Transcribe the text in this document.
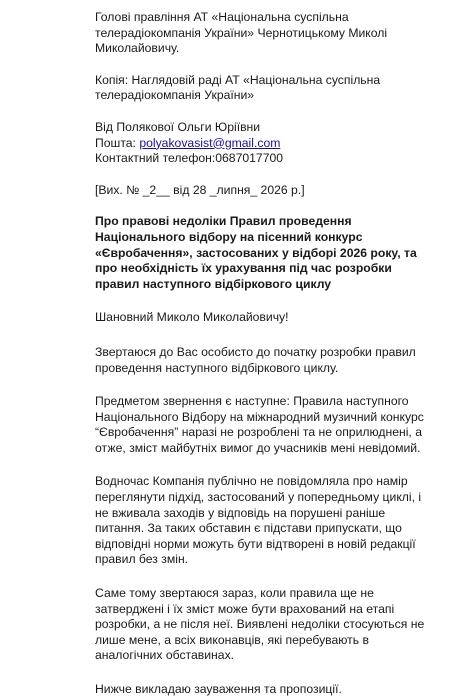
Голові правління АТ «Національна суспільна
телерадіокомпанія України» Чернотицькому Миколі
Миколайовичу.
Копія: Наглядовій раді АТ «Національна суспільна
телерадіокомпанія України»
Від Полякової Ольги Юріївни
Пошта: polyakovasist@gmail.com
Контактний телефон:0687017700
[Вих. № _2__ від 28 _липня_ 2026 р.]
Про правові недоліки Правил проведення
Національного відбору на пісенний конкурс
«Євробачення», застосованих у відборі 2026 року, та
про необхідність їх урахування під час розробки
правил наступного відбіркового циклу
Шановний Миколо Миколайовичу!
Звертаюся до Вас особисто до початку розробки правил
проведення наступного відбіркового циклу.
Предметом звернення є наступне: Правила наступного
Національного Відбору на міжнародний музичний конкурс
“Євробачення” наразі не розроблені та не оприлюднені, а
отже, зміст майбутніх вимог до учасників мені невідомий.
Водночас Компанія публічно не повідомляла про намір
переглянути підхід, застосований у попередньому циклі, і
не вживала заходів у відповідь на порушені раніше
питання. За таких обставин є підстави припускати, що
відповідні норми можуть бути відтворені в новій редакції
правил без змін.
Саме тому звертаюся зараз, коли правила ще не
затверджені і їх зміст може бути врахований на етапі
розробки, а не після неї. Виявлені недоліки стосуються не
лише мене, а всіх виконавців, які перебувають в
аналогічних обставинах.
Нижче викладаю зауваження та пропозиції.
